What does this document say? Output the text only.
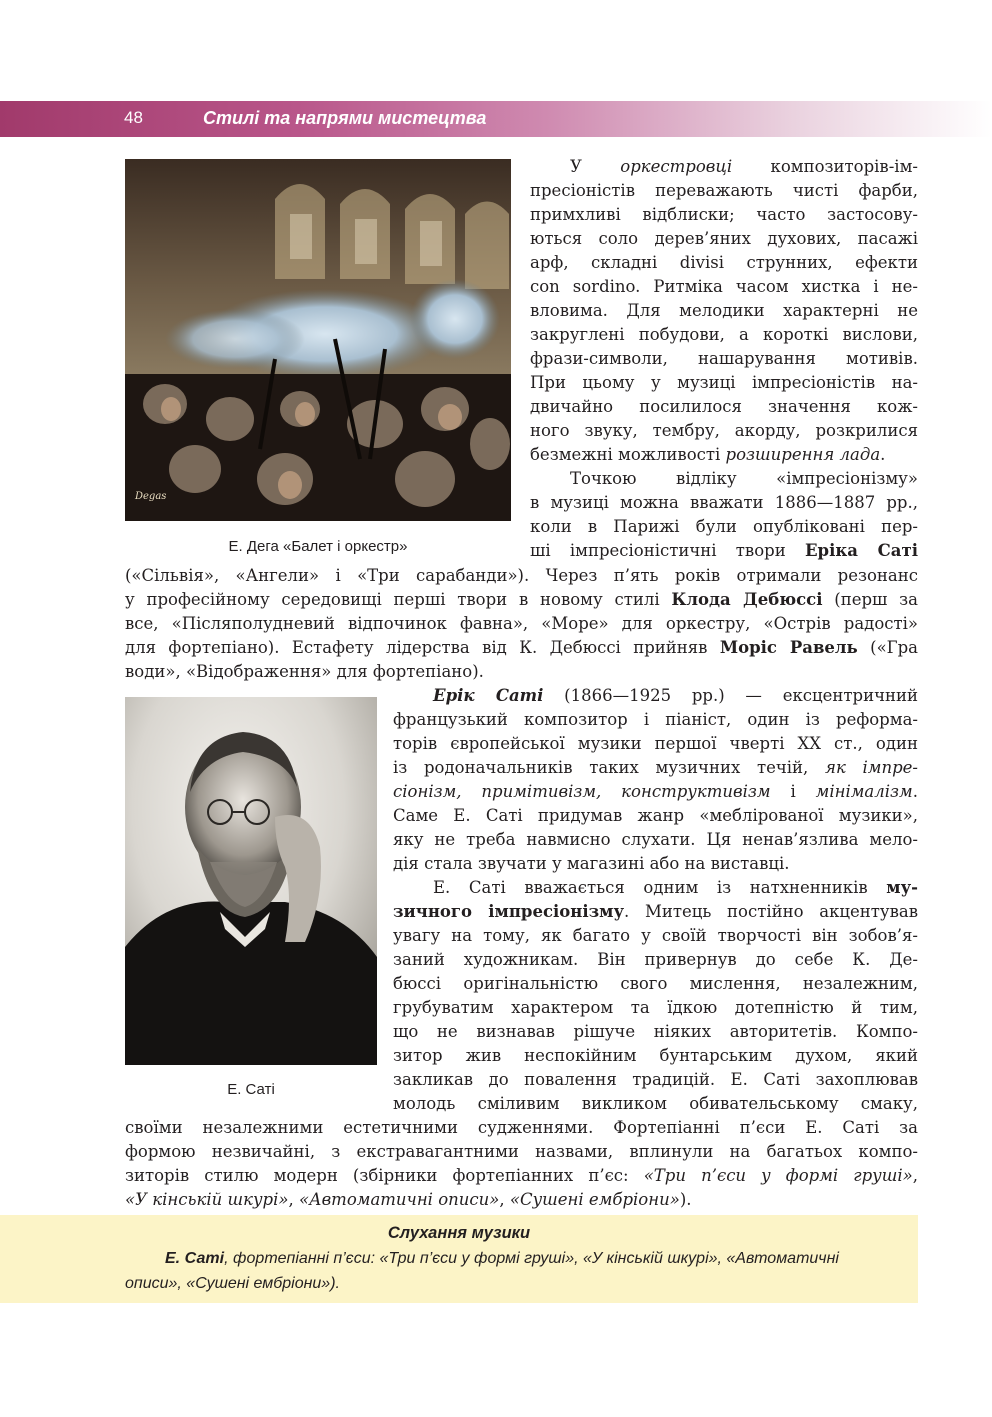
48	Стилі та напрями мистецтва
Degas
Е. Дега «Балет і оркестр»
У оркестровці композиторів-ім-
пресіоністів переважають чисті фарби,
примхливі відблиски; часто застосову-
ються соло дерев’яних духових, пасажі
арф, складні divisi струнних, ефекти
con sordino. Ритміка часом хистка і не-
вловима. Для мелодики характерні не
закруглені побудови, а короткі вислови,
фрази-символи, нашарування мотивів.
При цьому у музиці імпресіоністів на-
двичайно посилилося значення кож-
ного звуку, тембру, акорду, розкрилися
безмежні можливості розширення лада.
Точкою відліку «імпресіонізму»
в музиці можна вважати 1886—1887 рр.,
коли в Парижі були опубліковані пер-
ші імпресіоністичні твори Еріка Саті
(«Сільвія», «Ангели» і «Три сарабанди»). Через п’ять років отримали резонанс
у професійному середовищі перші твори в новому стилі Клода Дебюссі (перш за
все, «Післяполудневий відпочинок фавна», «Море» для оркестру, «Острів радості»
для фортепіано). Естафету лідерства від К. Дебюссі прийняв Моріс Равель («Гра
води», «Відображення» для фортепіано).
Е. Саті
Ерік Саті (1866—1925 рр.) — ексцентричний
французький композитор і піаніст, один із реформа-
торів європейської музики першої чверті ХХ ст., один
із родоначальників таких музичних течій, як імпре-
сіонізм, примітивізм, конструктивізм і мінімалізм.
Саме Е. Саті придумав жанр «меблірованої музики»,
яку не треба навмисно слухати. Ця ненав’язлива мело-
дія стала звучати у магазині або на виставці.
Е. Саті вважається одним із натхненників му-
зичного імпресіонізму. Митець постійно акцентував
увагу на тому, як багато у своїй творчості він зобов’я-
заний художникам. Він привернув до себе К. Де-
бюссі оригінальністю свого мислення, незалежним,
грубуватим характером та їдкою дотепністю й тим,
що не визнавав рішуче ніяких авторитетів. Компо-
зитор жив неспокійним бунтарським духом, який
закликав до повалення традицій. Е. Саті захоплював
молодь сміливим викликом обивательському смаку,
своїми незалежними естетичними судженнями. Фортепіанні п’єси Е. Саті за
формою незвичайні, з екстравагантними назвами, вплинули на багатьох компо-
зиторів стилю модерн (збірники фортепіанних п’єс: «Три п’єси у формі груші»,
«У кінській шкурі», «Автоматичні описи», «Сушені ембріони»).
Слухання музики
Е. Саті, фортепіанні п’єси: «Три п’єси у формі груші», «У кінській шкурі», «Автоматичні
описи», «Сушені ембріони»).
